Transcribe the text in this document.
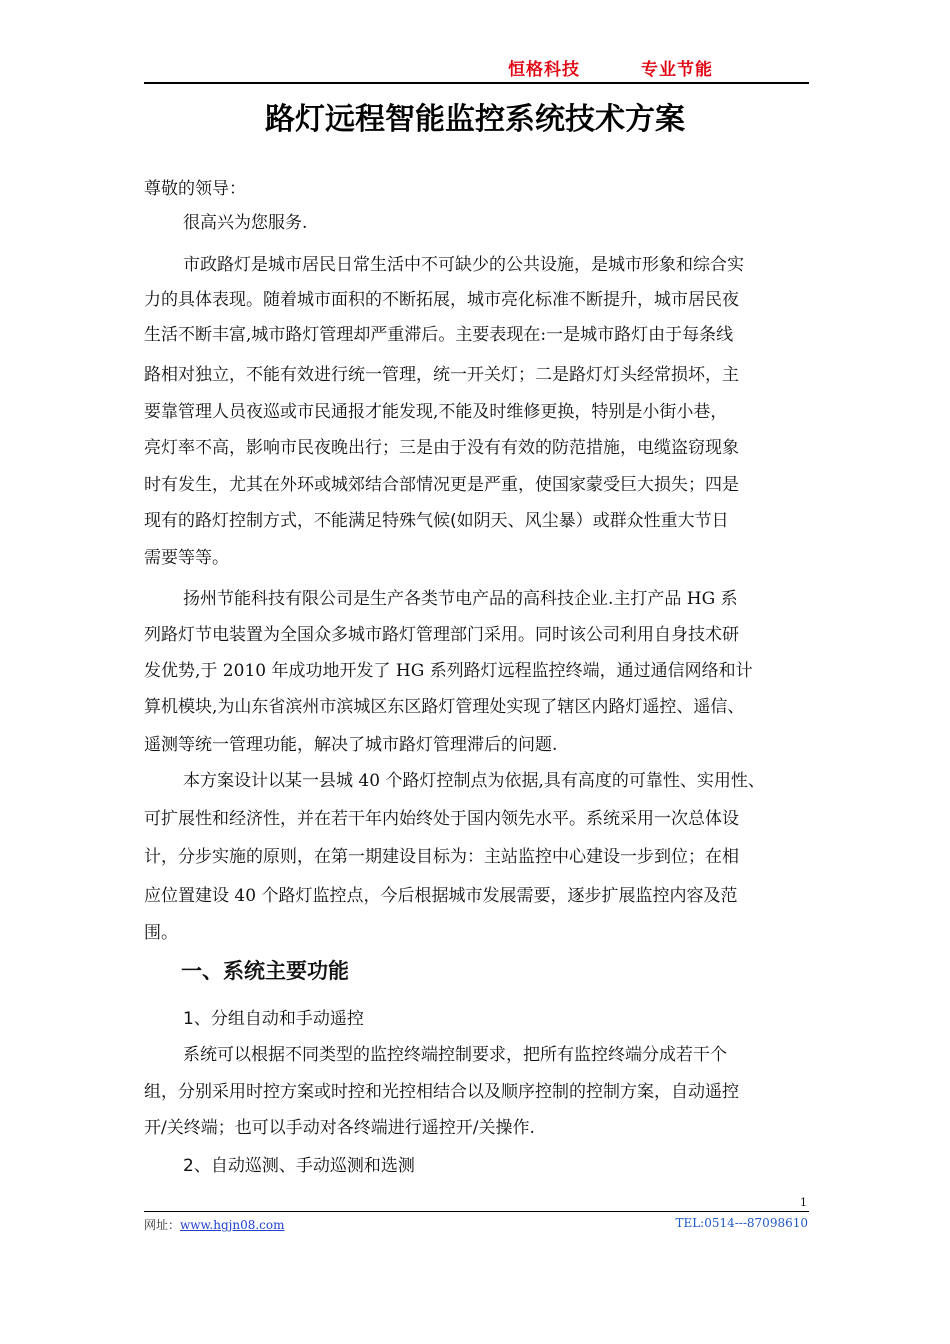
恒格科技	专业节能
路灯远程智能监控系统技术方案
尊敬的领导：
很高兴为您服务.
市政路灯是城市居民日常生活中不可缺少的公共设施，是城市形象和综合实
力的具体表现。随着城市面积的不断拓展，城市亮化标准不断提升，城市居民夜
生活不断丰富,城市路灯管理却严重滞后。主要表现在:一是城市路灯由于每条线
路相对独立，不能有效进行统一管理，统一开关灯；二是路灯灯头经常损坏，主
要靠管理人员夜巡或市民通报才能发现,不能及时维修更换，特别是小街小巷，
亮灯率不高，影响市民夜晚出行；三是由于没有有效的防范措施，电缆盗窃现象
时有发生，尤其在外环或城郊结合部情况更是严重，使国家蒙受巨大损失；四是
现有的路灯控制方式，不能满足特殊气候(如阴天、风尘暴）或群众性重大节日
需要等等。
扬州节能科技有限公司是生产各类节电产品的高科技企业.主打产品 HG 系
列路灯节电装置为全国众多城市路灯管理部门采用。同时该公司利用自身技术研
发优势,于 2010 年成功地开发了 HG 系列路灯远程监控终端，通过通信网络和计
算机模块,为山东省滨州市滨城区东区路灯管理处实现了辖区内路灯遥控、遥信、
遥测等统一管理功能，解决了城市路灯管理滞后的问题.
本方案设计以某一县城 40 个路灯控制点为依据,具有高度的可靠性、实用性、
可扩展性和经济性，并在若干年内始终处于国内领先水平。系统采用一次总体设
计，分步实施的原则，在第一期建设目标为：主站监控中心建设一步到位；在相
应位置建设 40 个路灯监控点，今后根据城市发展需要，逐步扩展监控内容及范
围。
一、系统主要功能
1、分组自动和手动遥控
系统可以根据不同类型的监控终端控制要求，把所有监控终端分成若干个
组，分别采用时控方案或时控和光控相结合以及顺序控制的控制方案，自动遥控
开/关终端；也可以手动对各终端进行遥控开/关操作.
2、自动巡测、手动巡测和选测
1
网址：www.hgjn08.com	TEL:0514---87098610
